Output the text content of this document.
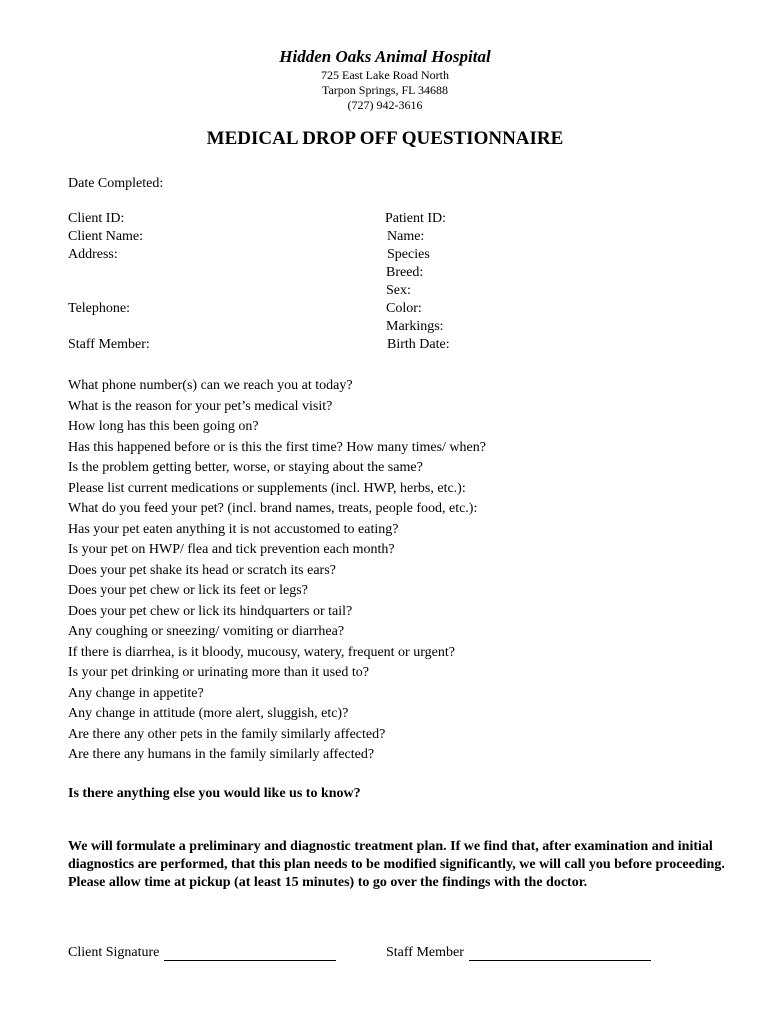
Hidden Oaks Animal Hospital
725 East Lake Road North
Tarpon Springs, FL 34688
(727) 942-3616
MEDICAL DROP OFF QUESTIONNAIRE
Date Completed:
Client ID:
Client Name:
Address:
Telephone:
Staff Member:
Patient ID:
Name:
Species
Breed:
Sex:
Color:
Markings:
Birth Date:
What phone number(s) can we reach you at today?
What is the reason for your pet’s medical visit?
How long has this been going on?
Has this happened before or is this the first time? How many times/ when?
Is the problem getting better, worse, or staying about the same?
Please list current medications or supplements (incl. HWP, herbs, etc.):
What do you feed your pet? (incl. brand names, treats, people food, etc.):
Has your pet eaten anything it is not accustomed to eating?
Is your pet on HWP/ flea and tick prevention each month?
Does your pet shake its head or scratch its ears?
Does your pet chew or lick its feet or legs?
Does your pet chew or lick its hindquarters or tail?
Any coughing or sneezing/ vomiting or diarrhea?
If there is diarrhea, is it bloody, mucousy, watery, frequent or urgent?
Is your pet drinking or urinating more than it used to?
Any change in appetite?
Any change in attitude (more alert, sluggish, etc)?
Are there any other pets in the family similarly affected?
Are there any humans in the family similarly affected?
Is there anything else you would like us to know?
We will formulate a preliminary and diagnostic treatment plan. If we find that, after examination and initial diagnostics are performed, that this plan needs to be modified significantly, we will call you before proceeding. Please allow time at pickup (at least 15 minutes) to go over the findings with the doctor.
Client Signature	Staff Member
